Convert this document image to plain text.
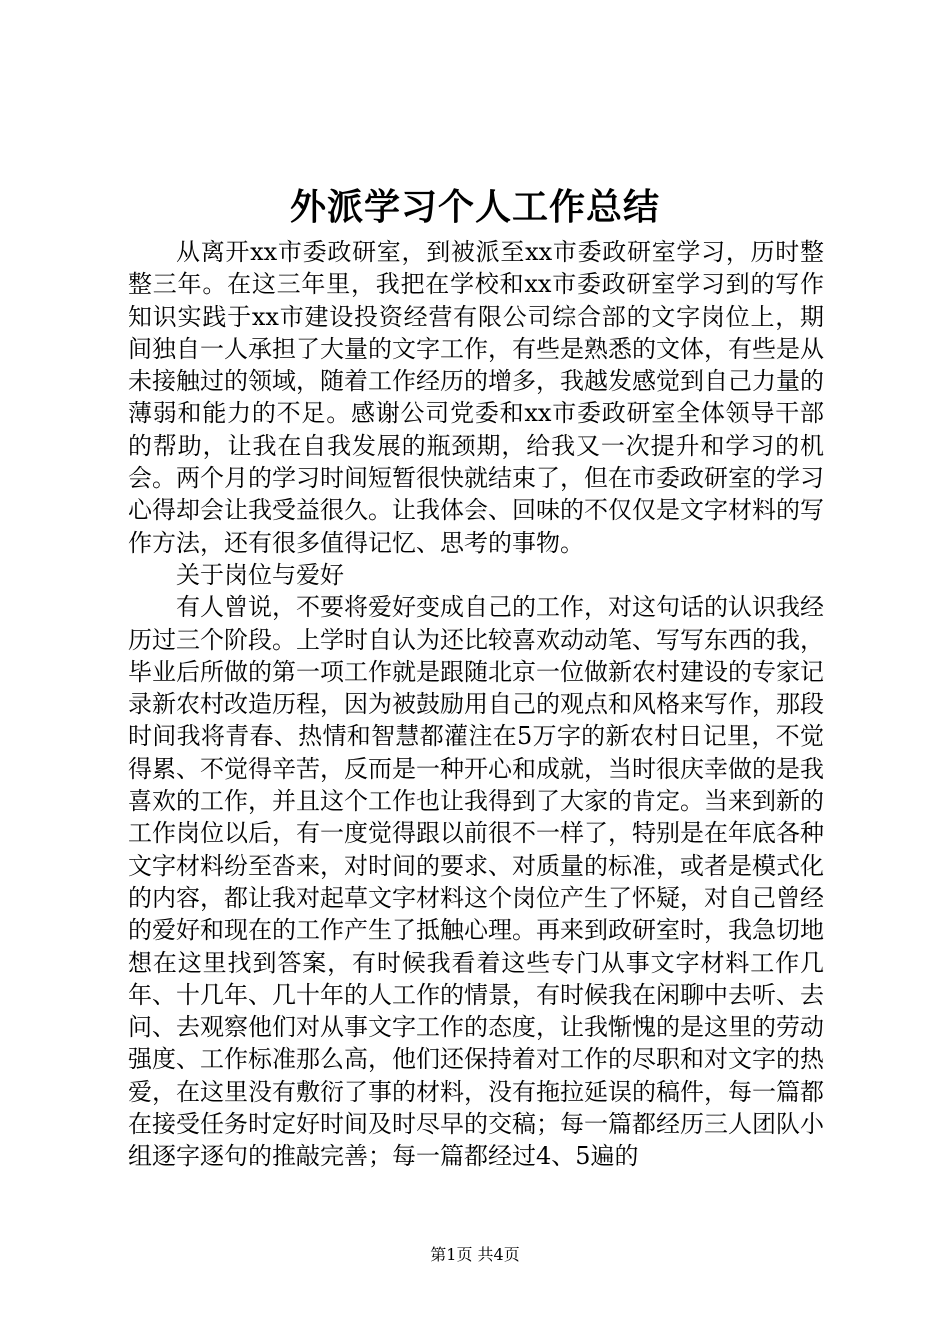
外派学习个人工作总结

从离开xx市委政研室，到被派至xx市委政研室学习，历时整整三年。在这三年里，我把在学校和xx市委政研室学习到的写作知识实践于xx市建设投资经营有限公司综合部的文字岗位上，期间独自一人承担了大量的文字工作，有些是熟悉的文体，有些是从未接触过的领域，随着工作经历的增多，我越发感觉到自己力量的薄弱和能力的不足。感谢公司党委和xx市委政研室全体领导干部的帮助，让我在自我发展的瓶颈期，给我又一次提升和学习的机会。两个月的学习时间短暂很快就结束了，但在市委政研室的学习心得却会让我受益很久。让我体会、回味的不仅仅是文字材料的写作方法，还有很多值得记忆、思考的事物。

关于岗位与爱好

有人曾说，不要将爱好变成自己的工作，对这句话的认识我经历过三个阶段。上学时自认为还比较喜欢动动笔、写写东西的我，毕业后所做的第一项工作就是跟随北京一位做新农村建设的专家记录新农村改造历程，因为被鼓励用自己的观点和风格来写作，那段时间我将青春、热情和智慧都灌注在5万字的新农村日记里，不觉得累、不觉得辛苦，反而是一种开心和成就，当时很庆幸做的是我喜欢的工作，并且这个工作也让我得到了大家的肯定。当来到新的工作岗位以后，有一度觉得跟以前很不一样了，特别是在年底各种文字材料纷至沓来，对时间的要求、对质量的标准，或者是模式化的内容，都让我对起草文字材料这个岗位产生了怀疑，对自己曾经的爱好和现在的工作产生了抵触心理。再来到政研室时，我急切地想在这里找到答案，有时候我看着这些专门从事文字材料工作几年、十几年、几十年的人工作的情景，有时候我在闲聊中去听、去问、去观察他们对从事文字工作的态度，让我惭愧的是这里的劳动强度、工作标准那么高，他们还保持着对工作的尽职和对文字的热爱，在这里没有敷衍了事的材料，没有拖拉延误的稿件，每一篇都在接受任务时定好时间及时尽早的交稿；每一篇都经历三人团队小组逐字逐句的推敲完善；每一篇都经过4、5遍的

第1页 共4页
